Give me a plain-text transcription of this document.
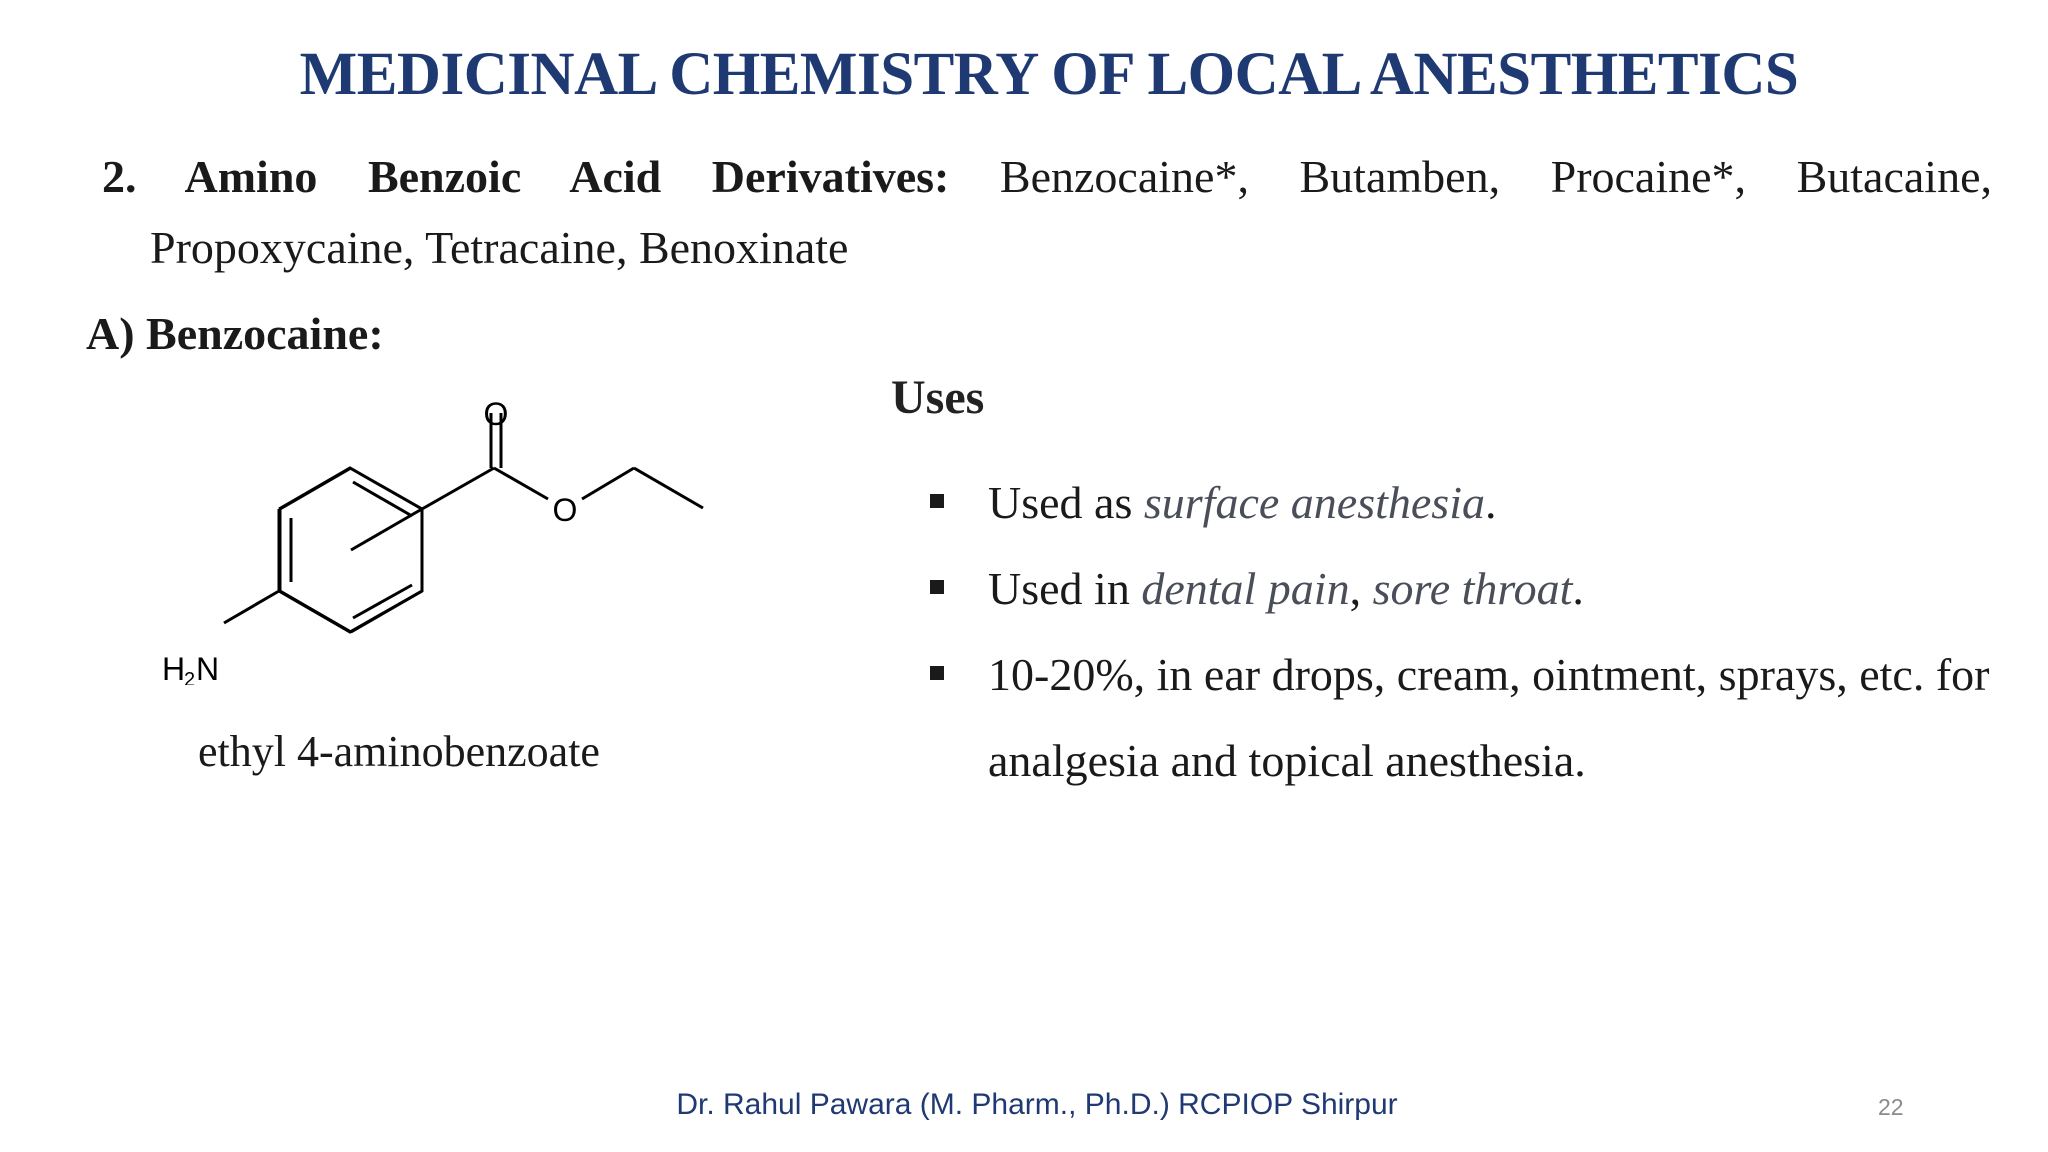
MEDICINAL CHEMISTRY OF LOCAL ANESTHETICS
2. Amino Benzoic Acid Derivatives: Benzocaine*, Butamben, Procaine*, Butacaine,
Propoxycaine, Tetracaine, Benoxinate
A) Benzocaine:
O
O
H
2 N
ethyl 4-aminobenzoate
Uses
Used as surface anesthesia.
Used in dental pain, sore throat.
10-20%, in ear drops, cream, ointment, sprays, etc. for analgesia and topical anesthesia.
Dr. Rahul Pawara (M. Pharm., Ph.D.) RCPIOP Shirpur	22
